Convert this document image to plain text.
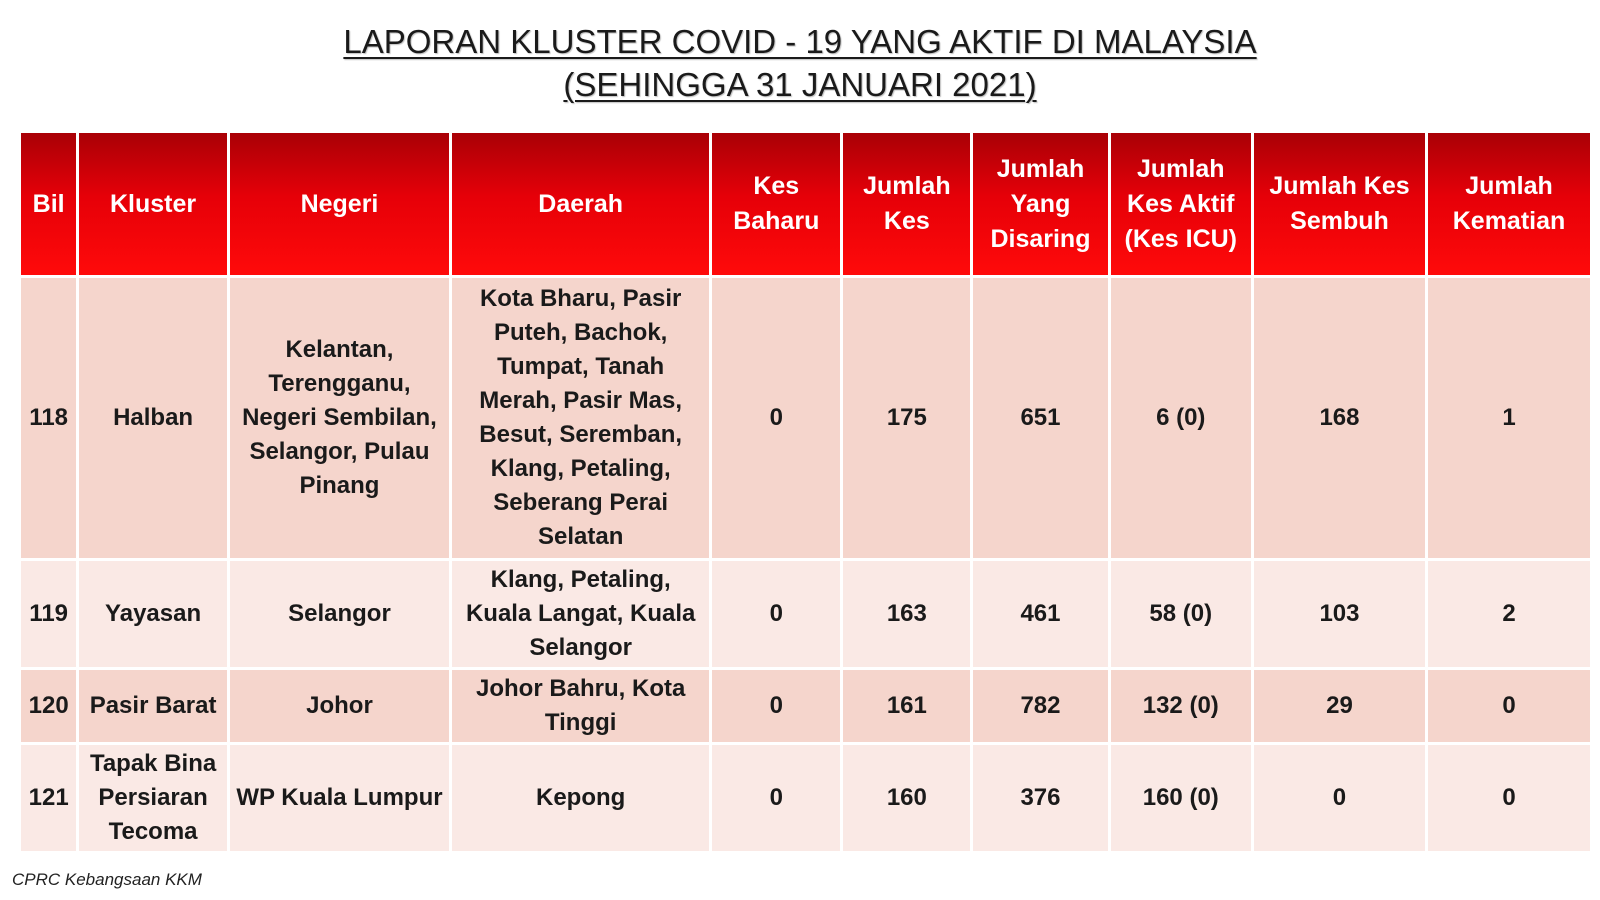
LAPORAN KLUSTER COVID - 19 YANG AKTIF DI MALAYSIA
(SEHINGGA 31 JANUARI 2021)
Bil	Kluster	Negeri	Daerah	Kes Baharu	Jumlah Kes	Jumlah Yang Disaring	Jumlah Kes Aktif (Kes ICU)	Jumlah Kes Sembuh	Jumlah Kematian
118	Halban	Kelantan, Terengganu, Negeri Sembilan, Selangor, Pulau Pinang	Kota Bharu, Pasir Puteh, Bachok, Tumpat, Tanah Merah, Pasir Mas, Besut, Seremban, Klang, Petaling, Seberang Perai Selatan	0	175	651	6 (0)	168	1
119	Yayasan	Selangor	Klang, Petaling, Kuala Langat, Kuala Selangor	0	163	461	58 (0)	103	2
120	Pasir Barat	Johor	Johor Bahru, Kota Tinggi	0	161	782	132 (0)	29	0
121	Tapak Bina Persiaran Tecoma	WP Kuala Lumpur	Kepong	0	160	376	160 (0)	0	0
CPRC Kebangsaan KKM
